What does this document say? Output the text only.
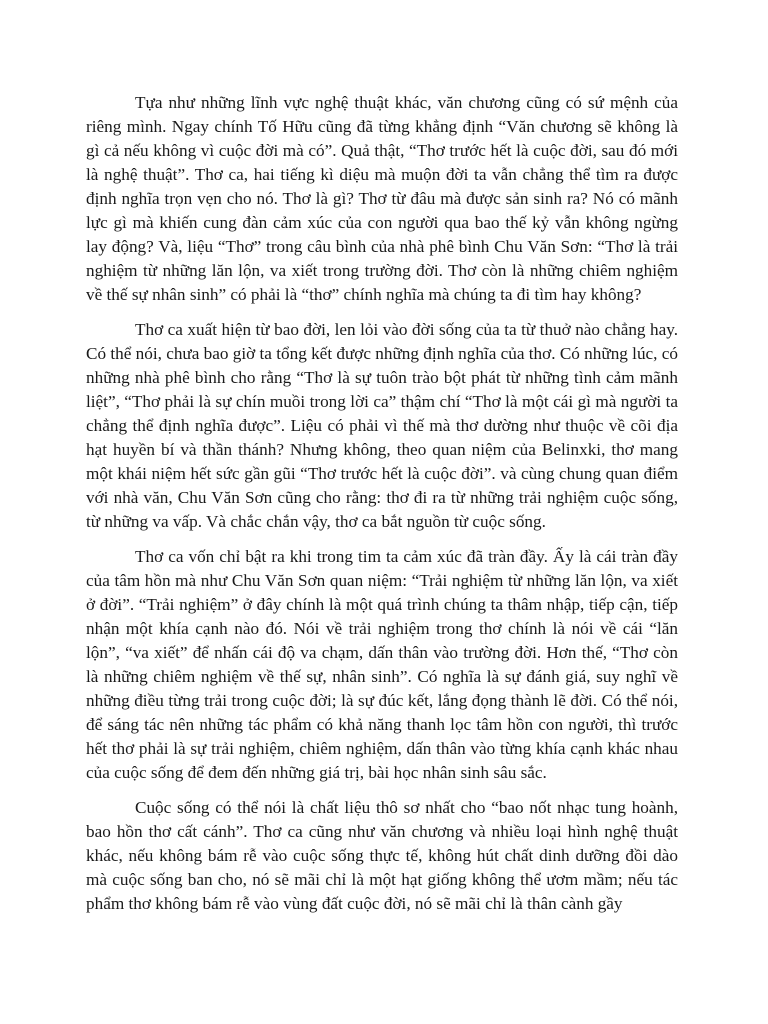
Tựa như những lĩnh vực nghệ thuật khác, văn chương cũng có sứ mệnh của riêng mình. Ngay chính Tố Hữu cũng đã từng khẳng định “Văn chương sẽ không là gì cả nếu không vì cuộc đời mà có”. Quả thật, “Thơ trước hết là cuộc đời, sau đó mới là nghệ thuật”. Thơ ca, hai tiếng kì diệu mà muộn đời ta vẫn chẳng thể tìm ra được định nghĩa trọn vẹn cho nó. Thơ là gì? Thơ từ đâu mà được sản sinh ra? Nó có mãnh lực gì mà khiến cung đàn cảm xúc của con người qua bao thế kỷ vẫn không ngừng lay động? Và, liệu “Thơ” trong câu bình của nhà phê bình Chu Văn Sơn: “Thơ là trải nghiệm từ những lăn lộn, va xiết trong trường đời. Thơ còn là những chiêm nghiệm về thế sự nhân sinh” có phải là “thơ” chính nghĩa mà chúng ta đi tìm hay không?

Thơ ca xuất hiện từ bao đời, len lỏi vào đời sống của ta từ thuở nào chẳng hay. Có thể nói, chưa bao giờ ta tổng kết được những định nghĩa của thơ. Có những lúc, có những nhà phê bình cho rằng “Thơ là sự tuôn trào bột phát từ những tình cảm mãnh liệt”, “Thơ phải là sự chín muồi trong lời ca” thậm chí “Thơ là một cái gì mà người ta chẳng thể định nghĩa được”. Liệu có phải vì thế mà thơ dường như thuộc về cõi địa hạt huyền bí và thần thánh? Nhưng không, theo quan niệm của Belinxki, thơ mang một khái niệm hết sức gần gũi “Thơ trước hết là cuộc đời”. và cùng chung quan điểm với nhà văn, Chu Văn Sơn cũng cho rằng: thơ đi ra từ những trải nghiệm cuộc sống, từ những va vấp. Và chắc chắn vậy, thơ ca bắt nguồn từ cuộc sống.

Thơ ca vốn chỉ bật ra khi trong tim ta cảm xúc đã tràn đầy. Ấy là cái tràn đầy của tâm hồn mà như Chu Văn Sơn quan niệm: “Trải nghiệm từ những lăn lộn, va xiết ở đời”. “Trải nghiệm” ở đây chính là một quá trình chúng ta thâm nhập, tiếp cận, tiếp nhận một khía cạnh nào đó. Nói về trải nghiệm trong thơ chính là nói về cái “lăn lộn”, “va xiết” để nhấn cái độ va chạm, dấn thân vào trường đời. Hơn thế, “Thơ còn là những chiêm nghiệm về thế sự, nhân sinh”. Có nghĩa là sự đánh giá, suy nghĩ về những điều từng trải trong cuộc đời; là sự đúc kết, lắng đọng thành lẽ đời. Có thể nói, để sáng tác nên những tác phẩm có khả năng thanh lọc tâm hồn con người, thì trước hết thơ phải là sự trải nghiệm, chiêm nghiệm, dấn thân vào từng khía cạnh khác nhau của cuộc sống để đem đến những giá trị, bài học nhân sinh sâu sắc.

Cuộc sống có thể nói là chất liệu thô sơ nhất cho “bao nốt nhạc tung hoành, bao hồn thơ cất cánh”. Thơ ca cũng như văn chương và nhiều loại hình nghệ thuật khác, nếu không bám rễ vào cuộc sống thực tế, không hút chất dinh dưỡng đồi dào mà cuộc sống ban cho, nó sẽ mãi chỉ là một hạt giống không thể ươm mầm; nếu tác phẩm thơ không bám rễ vào vùng đất cuộc đời, nó sẽ mãi chỉ là thân cành gầy
